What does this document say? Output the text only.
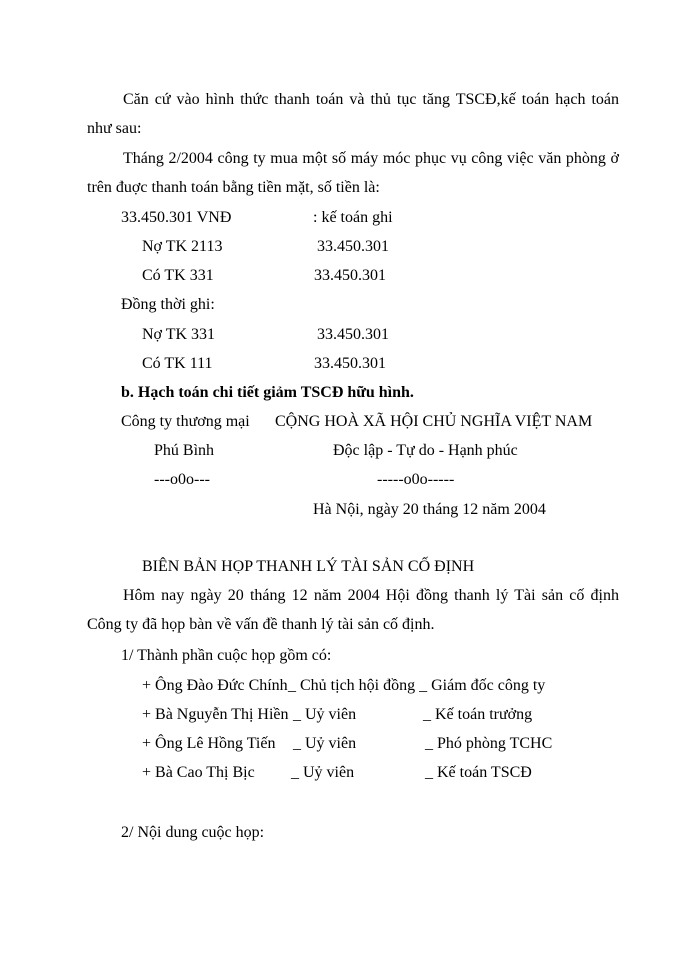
Căn cứ vào hình thức thanh toán và thủ tục tăng TSCĐ,kế toán hạch toán
như sau:
Tháng 2/2004 công ty mua một số máy móc phục vụ công việc văn phòng ở
trên đuợc thanh toán bằng tiền mặt, số tiền là:
33.450.301 VNĐ	: kế toán ghi
Nợ TK 2113	33.450.301
Có TK 331	33.450.301
Đồng thời ghi:
Nợ TK 331	33.450.301
Có TK 111	33.450.301
b. Hạch toán chi tiết giảm TSCĐ hữu hình.
Công ty thương mại CỘNG HOÀ XÃ HỘI CHỦ NGHĨA VIỆT NAM
Phú Bình	Độc lập - Tự do - Hạnh phúc
---o0o---	-----o0o-----
Hà Nội, ngày 20 tháng 12 năm 2004
BIÊN BẢN HỌP THANH LÝ TÀI SẢN CỐ ĐỊNH
Hôm nay ngày 20 tháng 12 năm 2004 Hội đồng thanh lý Tài sản cố định
Công ty đã họp bàn về vấn đề thanh lý tài sản cố định.
1/ Thành phần cuộc họp gồm có:
+ Ông Đào Đức Chính _ Chủ tịch hội đồng _ Giám đốc công ty
+ Bà Nguyễn Thị Hiền _ Uỷ viên	_ Kế toán trưởng
+ Ông Lê Hồng Tiến _ Uỷ viên	_ Phó phòng TCHC
+ Bà Cao Thị Bịc _ Uỷ viên	_ Kế toán TSCĐ
2/ Nội dung cuộc họp:
